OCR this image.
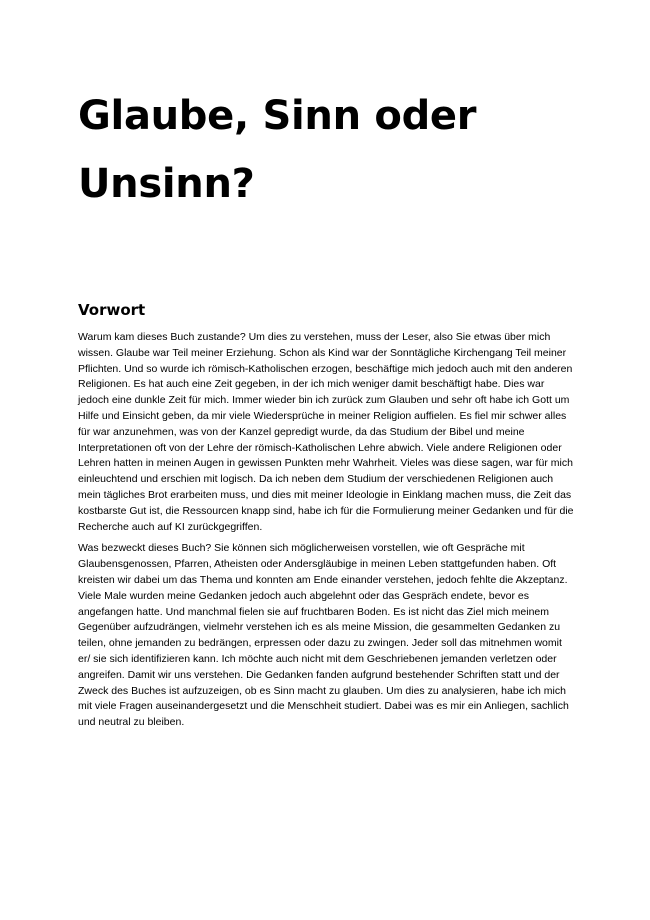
Glaube, Sinn oder Unsinn?
Vorwort

Warum kam dieses Buch zustande? Um dies zu verstehen, muss der Leser, also Sie etwas über mich wissen. Glaube war Teil meiner Erziehung. Schon als Kind war der Sonntägliche Kirchengang Teil meiner Pflichten. Und so wurde ich römisch-Katholischen erzogen, beschäftige mich jedoch auch mit den anderen Religionen. Es hat auch eine Zeit gegeben, in der ich mich weniger damit beschäftigt habe. Dies war jedoch eine dunkle Zeit für mich. Immer wieder bin ich zurück zum Glauben und sehr oft habe ich Gott um Hilfe und Einsicht geben, da mir viele Wiedersprüche in meiner Religion auffielen. Es fiel mir schwer alles für war anzunehmen, was von der Kanzel gepredigt wurde, da das Studium der Bibel und meine Interpretationen oft von der Lehre der römisch-Katholischen Lehre abwich. Viele andere Religionen oder Lehren hatten in meinen Augen in gewissen Punkten mehr Wahrheit. Vieles was diese sagen, war für mich einleuchtend und erschien mit logisch. Da ich neben dem Studium der verschiedenen Religionen auch mein tägliches Brot erarbeiten muss, und dies mit meiner Ideologie in Einklang machen muss, die Zeit das kostbarste Gut ist, die Ressourcen knapp sind, habe ich für die Formulierung meiner Gedanken und für die Recherche auch auf KI zurückgegriffen.

Was bezweckt dieses Buch? Sie können sich möglicherweisen vorstellen, wie oft Gespräche mit Glaubensgenossen, Pfarren, Atheisten oder Andersgläubige in meinen Leben stattgefunden haben. Oft kreisten wir dabei um das Thema und konnten am Ende einander verstehen, jedoch fehlte die Akzeptanz. Viele Male wurden meine Gedanken jedoch auch abgelehnt oder das Gespräch endete, bevor es angefangen hatte. Und manchmal fielen sie auf fruchtbaren Boden. Es ist nicht das Ziel mich meinem Gegenüber aufzudrängen, vielmehr verstehen ich es als meine Mission, die gesammelten Gedanken zu teilen, ohne jemanden zu bedrängen, erpressen oder dazu zu zwingen. Jeder soll das mitnehmen womit er/ sie sich identifizieren kann. Ich möchte auch nicht mit dem Geschriebenen jemanden verletzen oder angreifen. Damit wir uns verstehen. Die Gedanken fanden aufgrund bestehender Schriften statt und der Zweck des Buches ist aufzuzeigen, ob es Sinn macht zu glauben. Um dies zu analysieren, habe ich mich mit viele Fragen auseinandergesetzt und die Menschheit studiert. Dabei was es mir ein Anliegen, sachlich und neutral zu bleiben.
